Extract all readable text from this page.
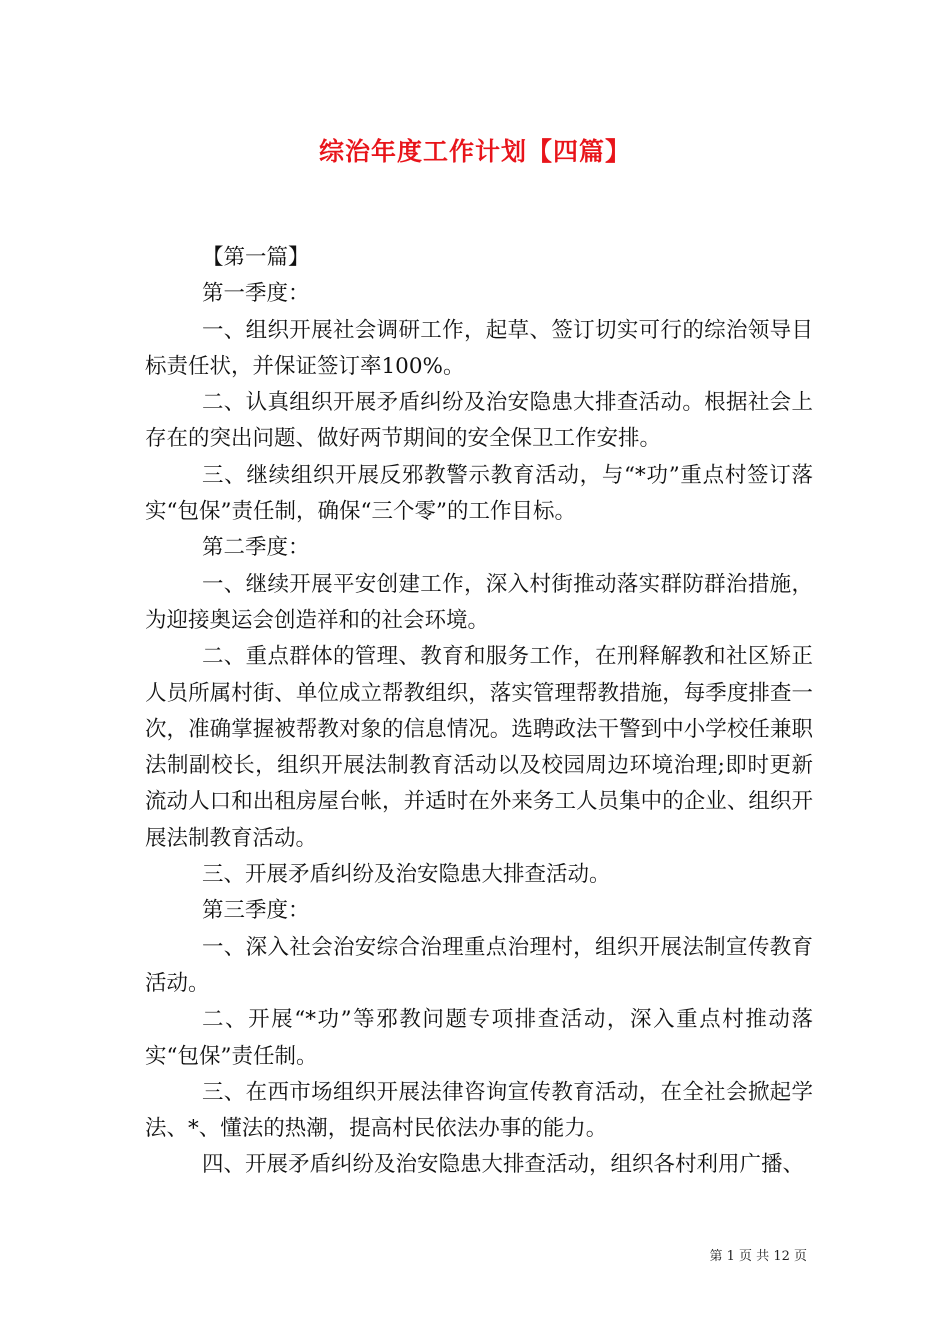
综治年度工作计划【四篇】

【第一篇】

第一季度：

一、组织开展社会调研工作，起草、签订切实可行的综治领导目标责任状，并保证签订率100%。

二、认真组织开展矛盾纠纷及治安隐患大排查活动。根据社会上存在的突出问题、做好两节期间的安全保卫工作安排。

三、继续组织开展反邪教警示教育活动，与“*功”重点村签订落实“包保”责任制，确保“三个零”的工作目标。

第二季度：

一、继续开展平安创建工作，深入村街推动落实群防群治措施，为迎接奥运会创造祥和的社会环境。

二、重点群体的管理、教育和服务工作，在刑释解教和社区矫正人员所属村街、单位成立帮教组织，落实管理帮教措施，每季度排查一次，准确掌握被帮教对象的信息情况。选聘政法干警到中小学校任兼职法制副校长，组织开展法制教育活动以及校园周边环境治理;即时更新流动人口和出租房屋台帐，并适时在外来务工人员集中的企业、组织开展法制教育活动。

三、开展矛盾纠纷及治安隐患大排查活动。

第三季度：

一、深入社会治安综合治理重点治理村，组织开展法制宣传教育活动。

二、开展“*功”等邪教问题专项排查活动，深入重点村推动落实“包保”责任制。

三、在西市场组织开展法律咨询宣传教育活动，在全社会掀起学法、*、懂法的热潮，提高村民依法办事的能力。

四、开展矛盾纠纷及治安隐患大排查活动，组织各村利用广播、

第 1 页 共 12 页
